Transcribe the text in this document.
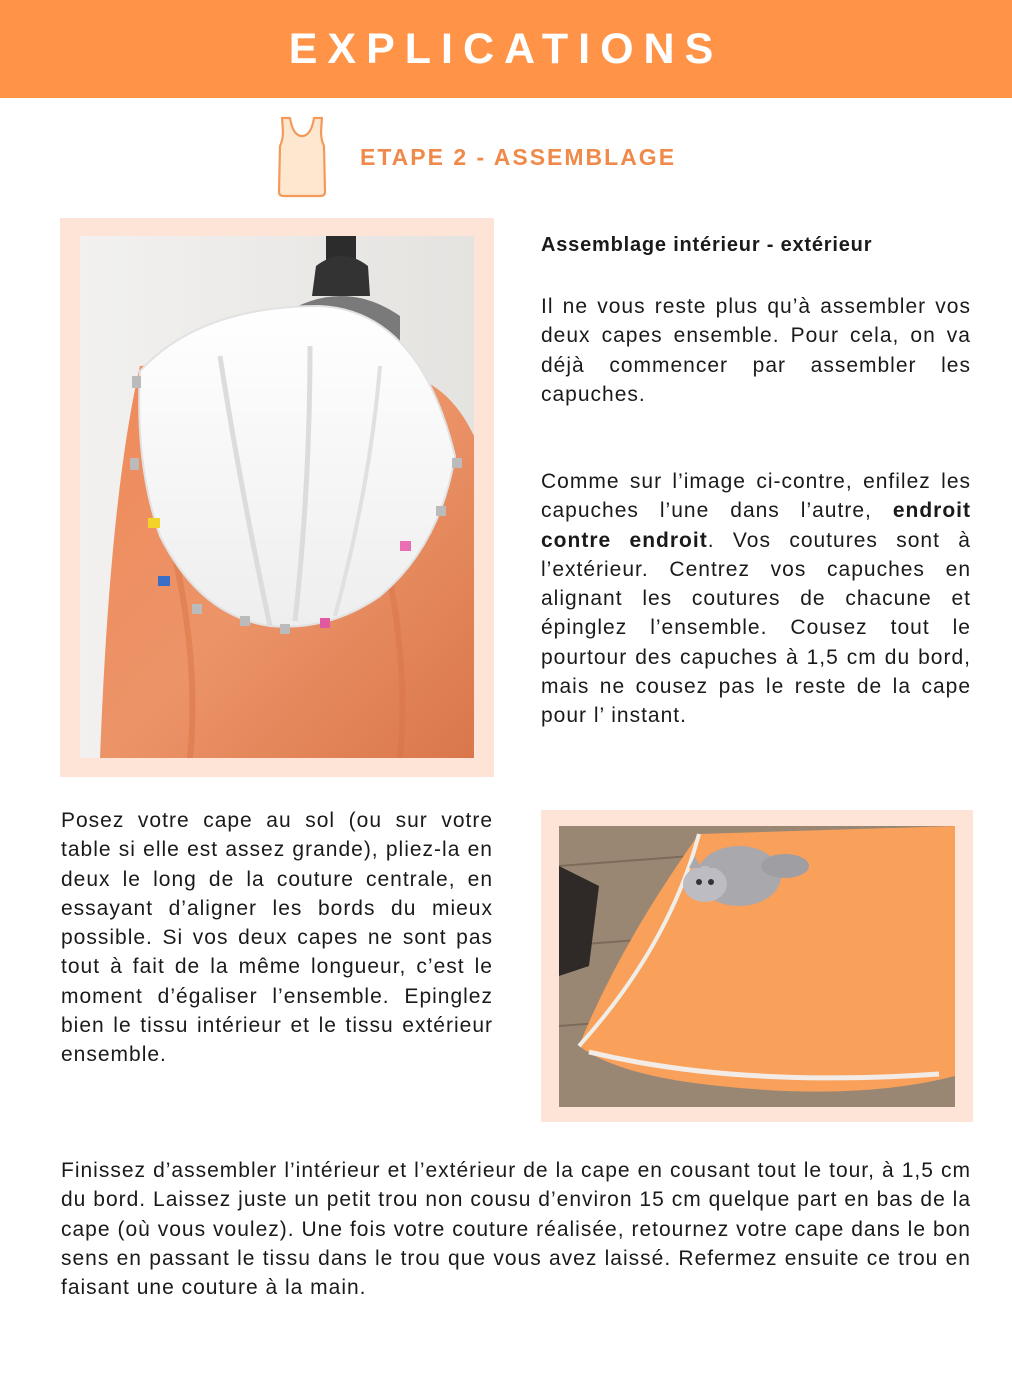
EXPLICATIONS
ETAPE 2 - ASSEMBLAGE

Assemblage intérieur - extérieur

Il ne vous reste plus qu’à assembler vos deux capes ensemble. Pour cela, on va déjà commencer par assembler les capuches.

Comme sur l’image ci-contre, enfilez les capuches l’une dans l’autre, endroit contre endroit. Vos coutures sont à l’extérieur. Centrez vos capuches en alignant les coutures de chacune et épinglez l’ensemble. Cousez tout le pourtour des capuches à 1,5 cm du bord, mais ne cousez pas le reste de la cape pour l’ instant.

Posez votre cape au sol (ou sur votre table si elle est assez grande), pliez-la en deux le long de la couture centrale, en essayant d’aligner les bords du mieux possible. Si vos deux capes ne sont pas tout à fait de la même longueur, c’est le moment d’égaliser l’ensemble. Epinglez bien le tissu intérieur et le tissu extérieur ensemble.

Finissez d’assembler l’intérieur et l’extérieur de la cape en cousant tout le tour, à 1,5 cm du bord. Laissez juste un petit trou non cousu d’environ 15 cm quelque part en bas de la cape (où vous voulez). Une fois votre couture réalisée, retournez votre cape dans le bon sens en passant le tissu dans le trou que vous avez laissé. Refermez ensuite ce trou en faisant une couture à la main.
